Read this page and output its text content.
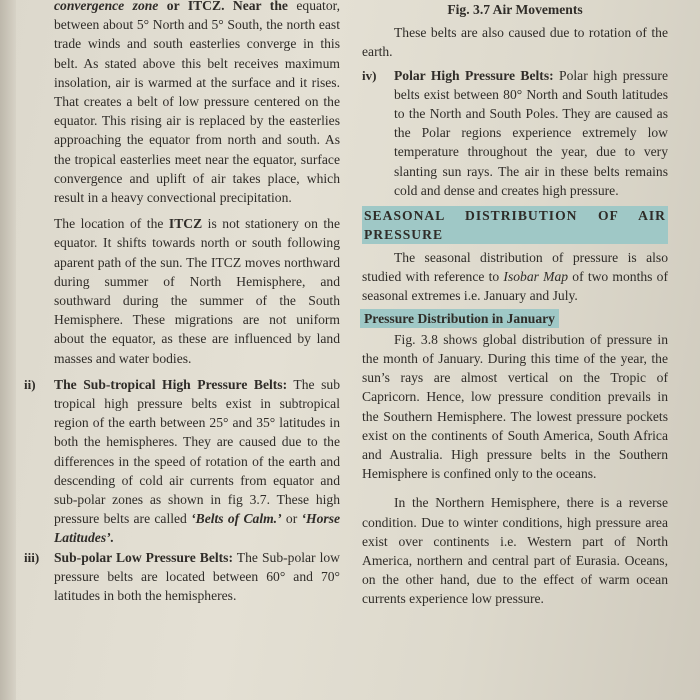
convergence zone or ITCZ. Near the equator, between about 5° North and 5° South, the north east trade winds and south easterlies converge in this belt. As stated above this belt receives maximum insolation, air is warmed at the surface and it rises. That creates a belt of low pressure centered on the equator. This rising air is replaced by the easterlies approaching the equator from north and south. As the tropical easterlies meet near the equator, surface convergence and uplift of air takes place, which result in a heavy convectional precipitation.

The location of the ITCZ is not stationery on the equator. It shifts towards north or south following aparent path of the sun. The ITCZ moves northward during summer of North Hemisphere, and southward during the summer of the South Hemisphere. These migrations are not uniform about the equator, as these are influenced by land masses and water bodies.

ii) The Sub-tropical High Pressure Belts: The sub tropical high pressure belts exist in subtropical region of the earth between 25° and 35° latitudes in both the hemispheres. They are caused due to the differences in the speed of rotation of the earth and descending of cold air currents from equator and sub-polar zones as shown in fig 3.7. These high pressure belts are called ‘Belts of Calm.’ or ‘Horse Latitudes’.

iii) Sub-polar Low Pressure Belts: The Sub-polar low pressure belts are located between 60° and 70° latitudes in both the hemispheres.

Fig. 3.7 Air Movements

These belts are also caused due to rotation of the earth.

iv) Polar High Pressure Belts: Polar high pressure belts exist between 80° North and South latitudes to the North and South Poles. They are caused as the Polar regions experience extremely low temperature throughout the year, due to very slanting sun rays. The air in these belts remains cold and dense and creates high pressure.

SEASONAL DISTRIBUTION OF AIR PRESSURE

The seasonal distribution of pressure is also studied with reference to Isobar Map of two months of seasonal extremes i.e. January and July.

Pressure Distribution in January

Fig. 3.8 shows global distribution of pressure in the month of January. During this time of the year, the sun’s rays are almost vertical on the Tropic of Capricorn. Hence, low pressure condition prevails in the Southern Hemisphere. The lowest pressure pockets exist on the continents of South America, South Africa and Australia. High pressure belts in the Southern Hemisphere is confined only to the oceans.

In the Northern Hemisphere, there is a reverse condition. Due to winter conditions, high pressure area exist over continents i.e. Western part of North America, northern and central part of Eurasia. Oceans, on the other hand, due to the effect of warm ocean currents experience low pressure.
